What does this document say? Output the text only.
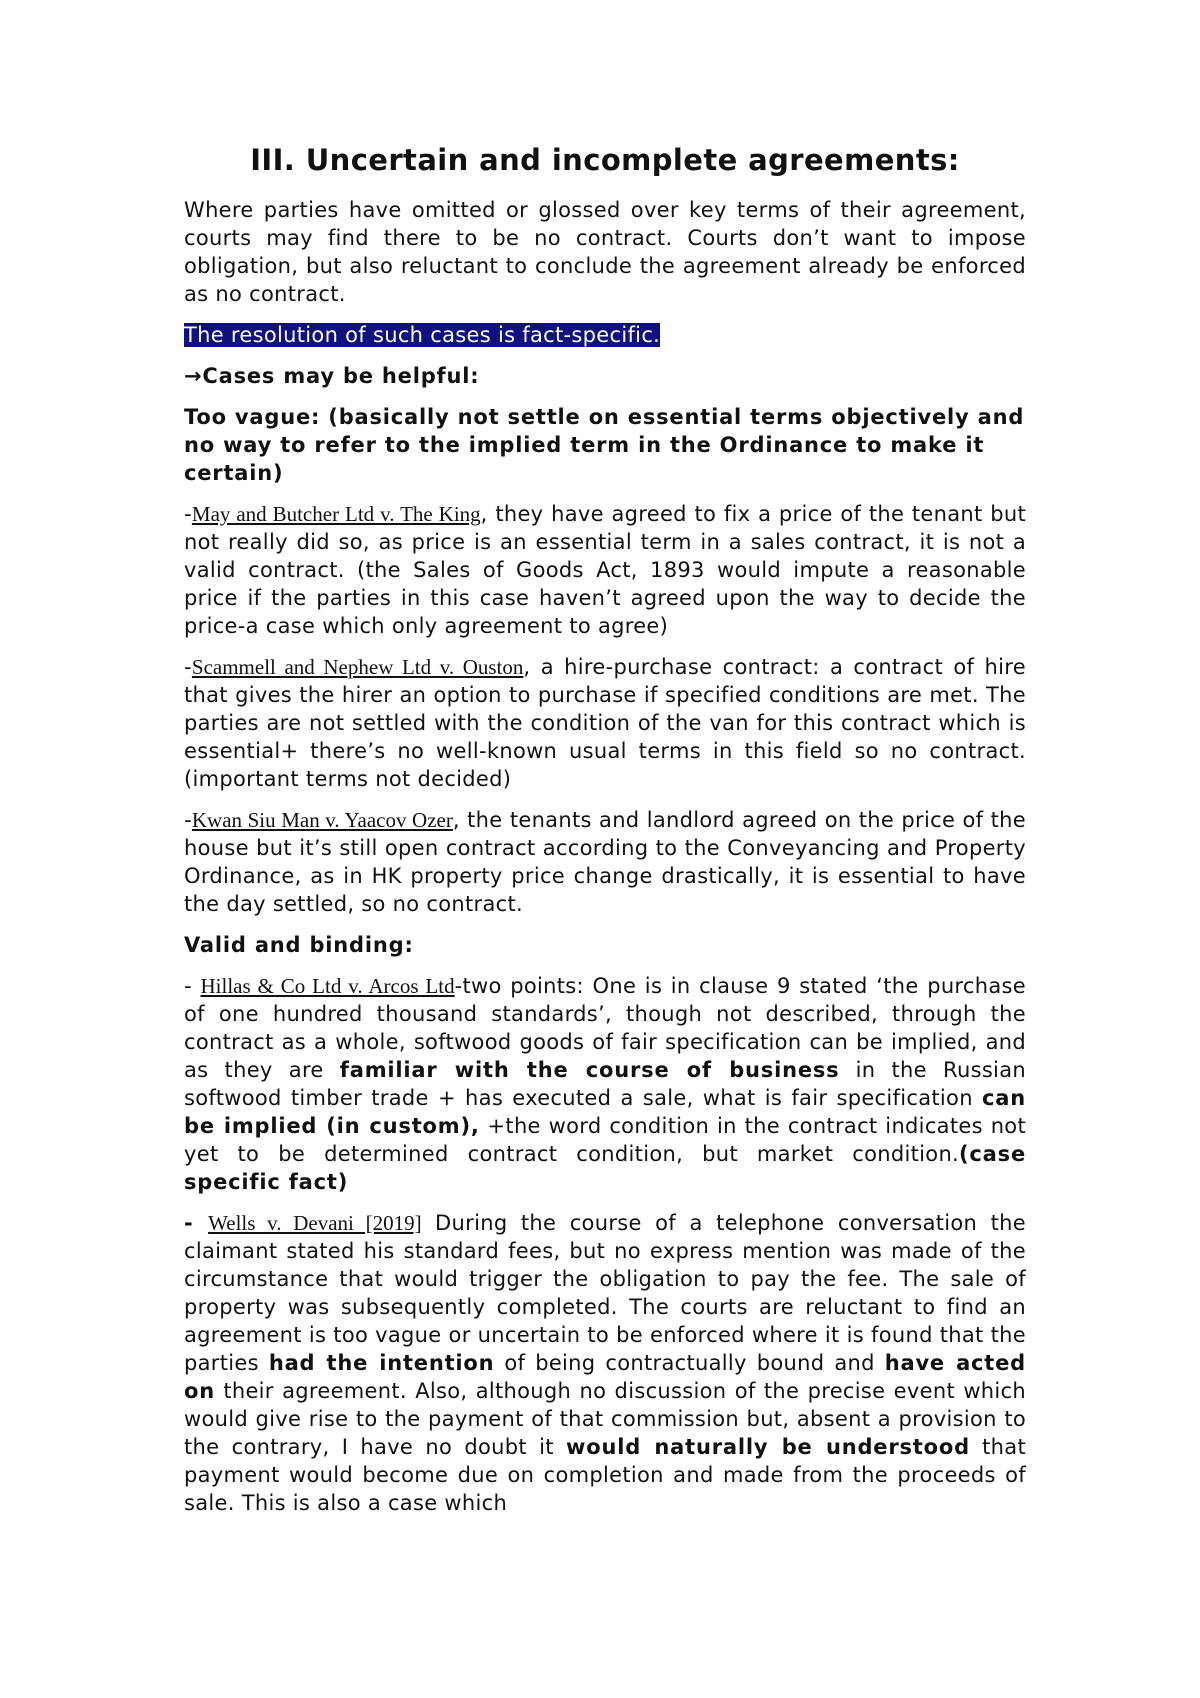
III. Uncertain and incomplete agreements:

Where parties have omitted or glossed over key terms of their agreement, courts may find there to be no contract. Courts don’t want to impose obligation, but also reluctant to conclude the agreement already be enforced as no contract.

The resolution of such cases is fact-specific.

→Cases may be helpful:

Too vague: (basically not settle on essential terms objectively and no way to refer to the implied term in the Ordinance to make it certain)

-May and Butcher Ltd v. The King, they have agreed to fix a price of the tenant but not really did so, as price is an essential term in a sales contract, it is not a valid contract. (the Sales of Goods Act, 1893 would impute a reasonable price if the parties in this case haven’t agreed upon the way to decide the price-a case which only agreement to agree)

-Scammell and Nephew Ltd v. Ouston, a hire-purchase contract: a contract of hire that gives the hirer an option to purchase if specified conditions are met. The parties are not settled with the condition of the van for this contract which is essential+ there’s no well-known usual terms in this field so no contract. (important terms not decided)

-Kwan Siu Man v. Yaacov Ozer, the tenants and landlord agreed on the price of the house but it’s still open contract according to the Conveyancing and Property Ordinance, as in HK property price change drastically, it is essential to have the day settled, so no contract.

Valid and binding:

- Hillas & Co Ltd v. Arcos Ltd-two points: One is in clause 9 stated ‘the purchase of one hundred thousand standards’, though not described, through the contract as a whole, softwood goods of fair specification can be implied, and as they are familiar with the course of business in the Russian softwood timber trade + has executed a sale, what is fair specification can be implied (in custom), +the word condition in the contract indicates not yet to be determined contract condition, but market condition.(case specific fact)

- Wells v. Devani [2019] During the course of a telephone conversation the claimant stated his standard fees, but no express mention was made of the circumstance that would trigger the obligation to pay the fee. The sale of property was subsequently completed. The courts are reluctant to find an agreement is too vague or uncertain to be enforced where it is found that the parties had the intention of being contractually bound and have acted on their agreement. Also, although no discussion of the precise event which would give rise to the payment of that commission but, absent a provision to the contrary, I have no doubt it would naturally be understood that payment would become due on completion and made from the proceeds of sale. This is also a case which
